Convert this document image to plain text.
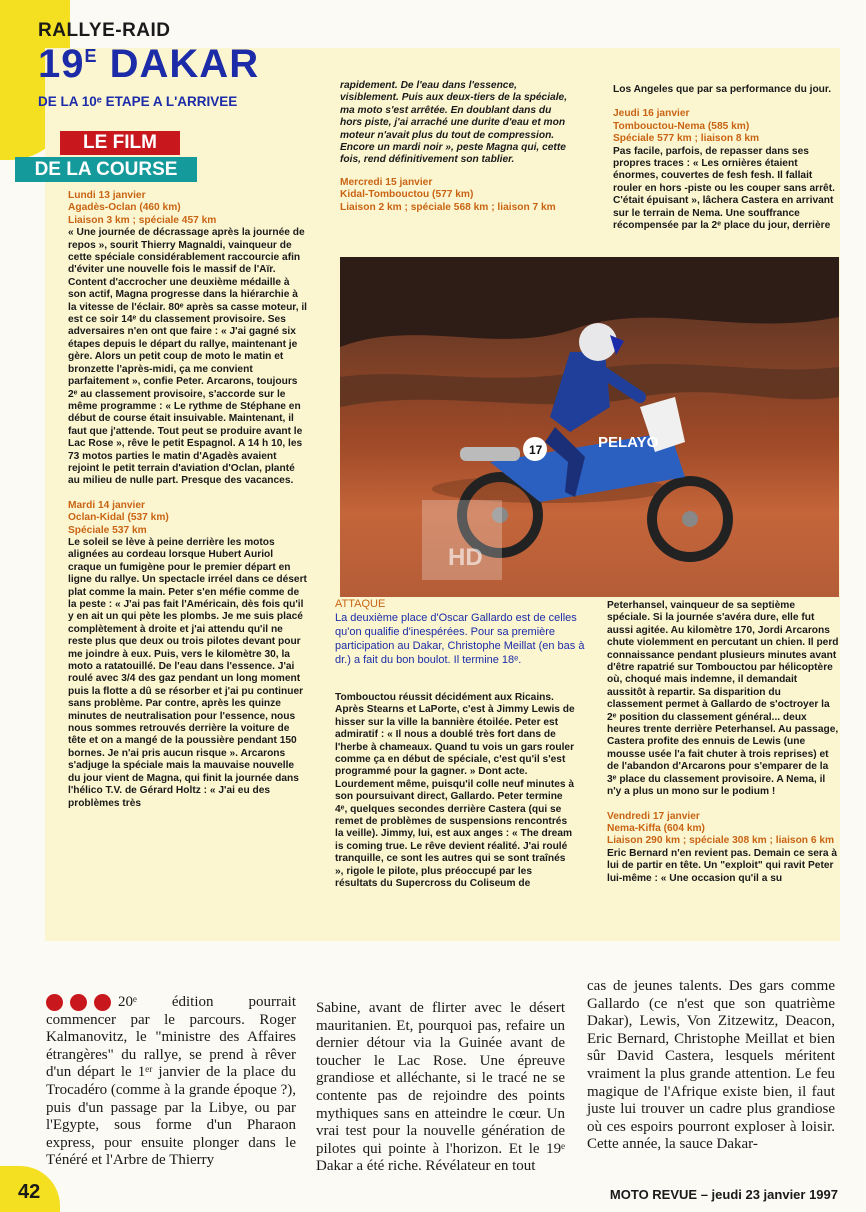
RALLYE-RAID
$19^E$ DAKAR
DE LA 10ᵉ ETAPE A L'ARRIVEE
LE FILM
DE LA COURSE

Lundi 13 janvier

Agadès-Oclan (460 km)

Liaison 3 km ; spéciale 457 km

« Une journée de décrassage après la journée de repos », sourit Thierry Magnaldi, vainqueur de cette spéciale considérablement raccourcie afin d'éviter une nouvelle fois le massif de l'Aïr. Content d'accrocher une deuxième médaille à son actif, Magna progresse dans la hiérarchie à la vitesse de l'éclair. 80ᵉ après sa casse moteur, il est ce soir 14ᵉ du classement provisoire. Ses adversaires n'en ont que faire : « J'ai gagné six étapes depuis le départ du rallye, maintenant je gère. Alors un petit coup de moto le matin et bronzette l'après-midi, ça me convient parfaitement », confie Peter. Arcarons, toujours 2ᵉ au classement provisoire, s'accorde sur le même programme : « Le rythme de Stéphane en début de course était insuivable. Maintenant, il faut que j'attende. Tout peut se produire avant le Lac Rose », rêve le petit Espagnol. A 14 h 10, les 73 motos parties le matin d'Agadès avaient rejoint le petit terrain d'aviation d'Oclan, planté au milieu de nulle part. Presque des vacances.

Mardi 14 janvier

Oclan-Kidal (537 km)

Spéciale 537 km

Le soleil se lève à peine derrière les motos alignées au cordeau lorsque Hubert Auriol craque un fumigène pour le premier départ en ligne du rallye. Un spectacle irréel dans ce désert plat comme la main. Peter s'en méfie comme de la peste : « J'ai pas fait l'Américain, dès fois qu'il y en ait un qui pète les plombs. Je me suis placé complètement à droite et j'ai attendu qu'il ne reste plus que deux ou trois pilotes devant pour me joindre à eux. Puis, vers le kilomètre 30, la moto a ratatouillé. De l'eau dans l'essence. J'ai roulé avec 3/4 des gaz pendant un long moment puis la flotte a dû se résorber et j'ai pu continuer sans problème. Par contre, après les quinze minutes de neutralisation pour l'essence, nous nous sommes retrouvés derrière la voiture de tête et on a mangé de la poussière pendant 150 bornes. Je n'ai pris aucun risque ». Arcarons s'adjuge la spéciale mais la mauvaise nouvelle du jour vient de Magna, qui finit la journée dans l'hélico T.V. de Gérard Holtz : « J'ai eu des problèmes très

rapidement. De l'eau dans l'essence, visiblement. Puis aux deux-tiers de la spéciale, ma moto s'est arrêtée. En doublant dans du hors piste, j'ai arraché une durite d'eau et mon moteur n'avait plus du tout de compression. Encore un mardi noir », peste Magna qui, cette fois, rend définitivement son tablier.

Mercredi 15 janvier

Kidal-Tombouctou (577 km)

Liaison 2 km ; spéciale 568 km ; liaison 7 km

Los Angeles que par sa performance du jour.

Jeudi 16 janvier

Tombouctou-Nema (585 km)

Spéciale 577 km ; liaison 8 km

Pas facile, parfois, de repasser dans ses propres traces : « Les ornières étaient énormes, couvertes de fesh fesh. Il fallait rouler en hors -piste ou les couper sans arrêt. C'était épuisant », lâchera Castera en arrivant sur le terrain de Nema. Une souffrance récompensée par la 2ᵉ place du jour, derrière

17	PELAYO
HD
ATTAQUE
La deuxième place d'Oscar Gallardo est de celles qu'on qualifie d'inespérées. Pour sa première participation au Dakar, Christophe Meillat (en bas à dr.) a fait du bon boulot. Il termine 18ᵉ.

Tombouctou réussit décidément aux Ricains. Après Stearns et LaPorte, c'est à Jimmy Lewis de hisser sur la ville la bannière étoilée. Peter est admiratif : « Il nous a doublé très fort dans de l'herbe à chameaux. Quand tu vois un gars rouler comme ça en début de spéciale, c'est qu'il s'est programmé pour la gagner. » Dont acte. Lourdement même, puisqu'il colle neuf minutes à son poursuivant direct, Gallardo. Peter termine 4ᵉ, quelques secondes derrière Castera (qui se remet de problèmes de suspensions rencontrés la veille). Jimmy, lui, est aux anges : « The dream is coming true. Le rêve devient réalité. J'ai roulé tranquille, ce sont les autres qui se sont traînés », rigole le pilote, plus préoccupé par les résultats du Supercross du Coliseum de

Peterhansel, vainqueur de sa septième spéciale. Si la journée s'avéra dure, elle fut aussi agitée. Au kilomètre 170, Jordi Arcarons chute violemment en percutant un chien. Il perd connaissance pendant plusieurs minutes avant d'être rapatrié sur Tombouctou par hélicoptère où, choqué mais indemne, il demandait aussitôt à repartir. Sa disparition du classement permet à Gallardo de s'octroyer la 2ᵉ position du classement général... deux heures trente derrière Peterhansel. Au passage, Castera profite des ennuis de Lewis (une mousse usée l'a fait chuter à trois reprises) et de l'abandon d'Arcarons pour s'emparer de la 3ᵉ place du classement provisoire. A Nema, il n'y a plus un mono sur le podium !

Vendredi 17 janvier

Nema-Kiffa (604 km)

Liaison 290 km ; spéciale 308 km ; liaison 6 km

Eric Bernard n'en revient pas. Demain ce sera à lui de partir en tête. Un "exploit" qui ravit Peter lui-même : « Une occasion qu'il a su

20ᵉ édition pourrait commencer par le parcours. Roger Kalmanovitz, le "ministre des Affaires étrangères" du rallye, se prend à rêver d'un départ le 1ᵉʳ janvier de la place du Trocadéro (comme à la grande époque ?), puis d'un passage par la Libye, ou par l'Egypte, sous forme d'un Pharaon express, pour ensuite plonger dans le Ténéré et l'Arbre de Thierry

Sabine, avant de flirter avec le désert mauritanien. Et, pourquoi pas, refaire un dernier détour via la Guinée avant de toucher le Lac Rose. Une épreuve grandiose et alléchante, si le tracé ne se contente pas de rejoindre des points mythiques sans en atteindre le cœur. Un vrai test pour la nouvelle génération de pilotes qui pointe à l'horizon. Et le 19ᵉ Dakar a été riche. Révélateur en tout

cas de jeunes talents. Des gars comme Gallardo (ce n'est que son quatrième Dakar), Lewis, Von Zitzewitz, Deacon, Eric Bernard, Christophe Meillat et bien sûr David Castera, lesquels méritent vraiment la plus grande attention. Le feu magique de l'Afrique existe bien, il faut juste lui trouver un cadre plus grandiose où ces espoirs pourront exploser à loisir. Cette année, la sauce Dakar-

42	MOTO REVUE – jeudi 23 janvier 1997
